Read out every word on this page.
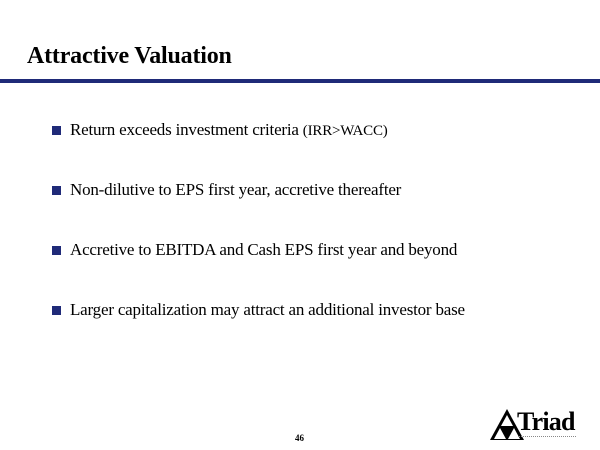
Attractive Valuation
Return exceeds investment criteria (IRR>WACC)
Non-dilutive to EPS first year, accretive thereafter
Accretive to EBITDA and Cash EPS first year and beyond
Larger capitalization may attract an additional investor base
46
Triad
